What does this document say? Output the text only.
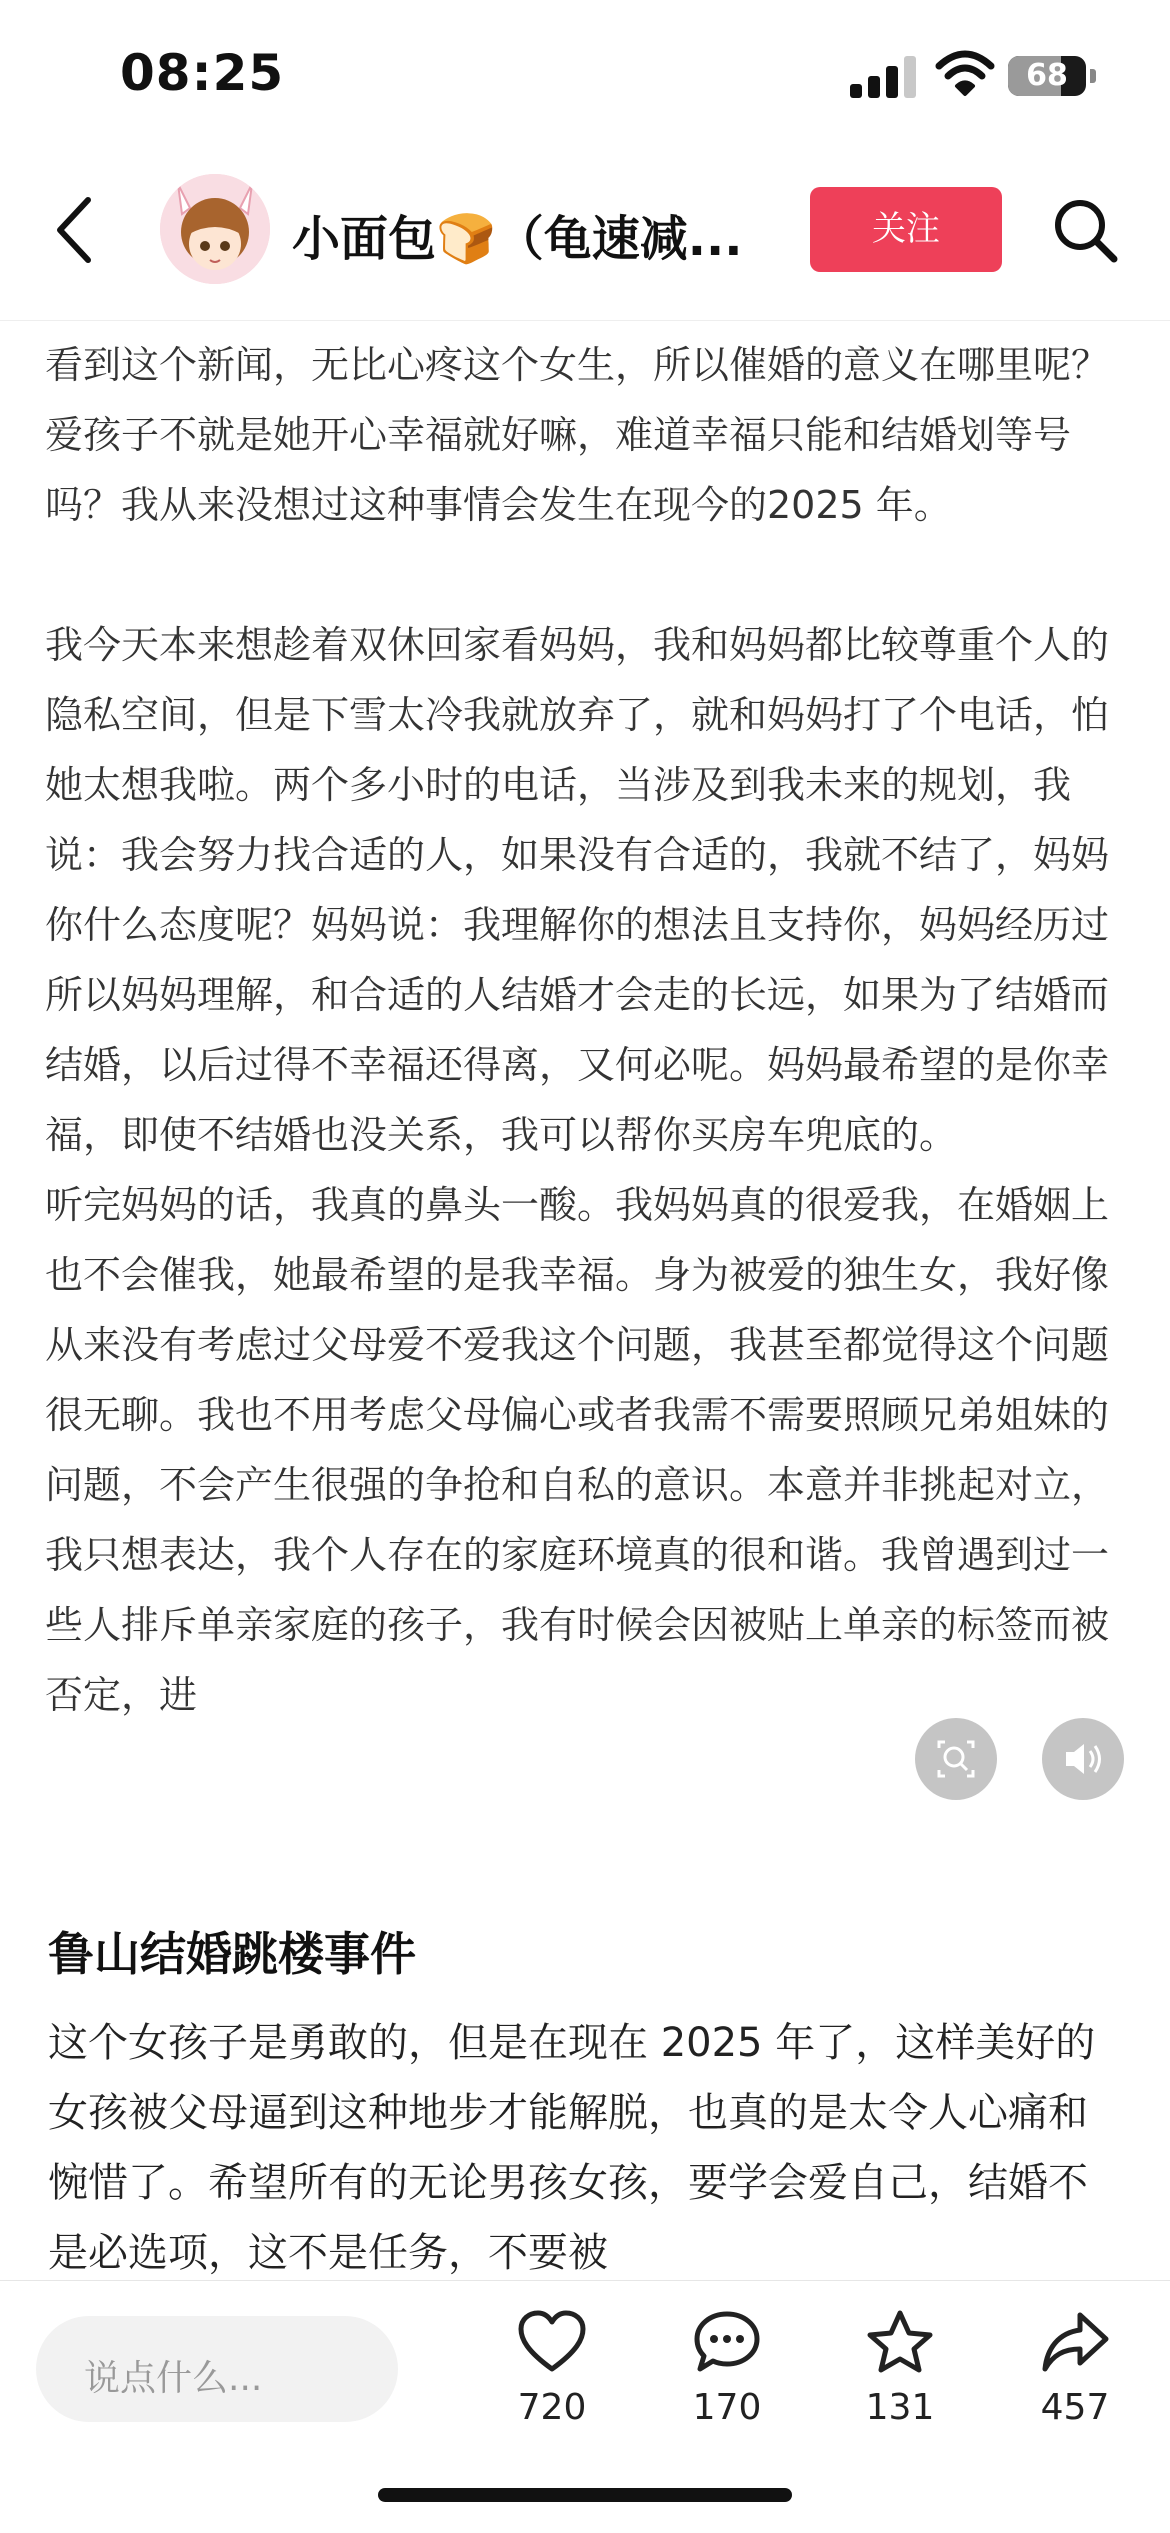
08:25	68
小面包🍞（龟速减...	关注

看到这个新闻，无比心疼这个女生，所以催婚的意义在哪里呢？爱孩子不就是她开心幸福就好嘛，难道幸福只能和结婚划等号吗？我从来没想过这种事情会发生在现今的2025 年。

我今天本来想趁着双休回家看妈妈，我和妈妈都比较尊重个人的隐私空间，但是下雪太冷我就放弃了，就和妈妈打了个电话，怕她太想我啦。两个多小时的电话，当涉及到我未来的规划，我说：我会努力找合适的人，如果没有合适的，我就不结了，妈妈你什么态度呢？妈妈说：我理解你的想法且支持你，妈妈经历过所以妈妈理解，和合适的人结婚才会走的长远，如果为了结婚而结婚，以后过得不幸福还得离，又何必呢。妈妈最希望的是你幸福，即使不结婚也没关系，我可以帮你买房车兜底的。

听完妈妈的话，我真的鼻头一酸。我妈妈真的很爱我，在婚姻上也不会催我，她最希望的是我幸福。身为被爱的独生女，我好像从来没有考虑过父母爱不爱我这个问题，我甚至都觉得这个问题很无聊。我也不用考虑父母偏心或者我需不需要照顾兄弟姐妹的问题，不会产生很强的争抢和自私的意识。本意并非挑起对立，我只想表达，我个人存在的家庭环境真的很和谐。我曾遇到过一些人排斥单亲家庭的孩子，我有时候会因被贴上单亲的标签而被否定，进

鲁山结婚跳楼事件
这个女孩子是勇敢的，但是在现在 2025 年了，这样美好的女孩被父母逼到这种地步才能解脱，也真的是太令人心痛和惋惜了。希望所有的无论男孩女孩，要学会爱自己，结婚不是必选项，这不是任务，不要被
说点什么...
720	170	131	457
